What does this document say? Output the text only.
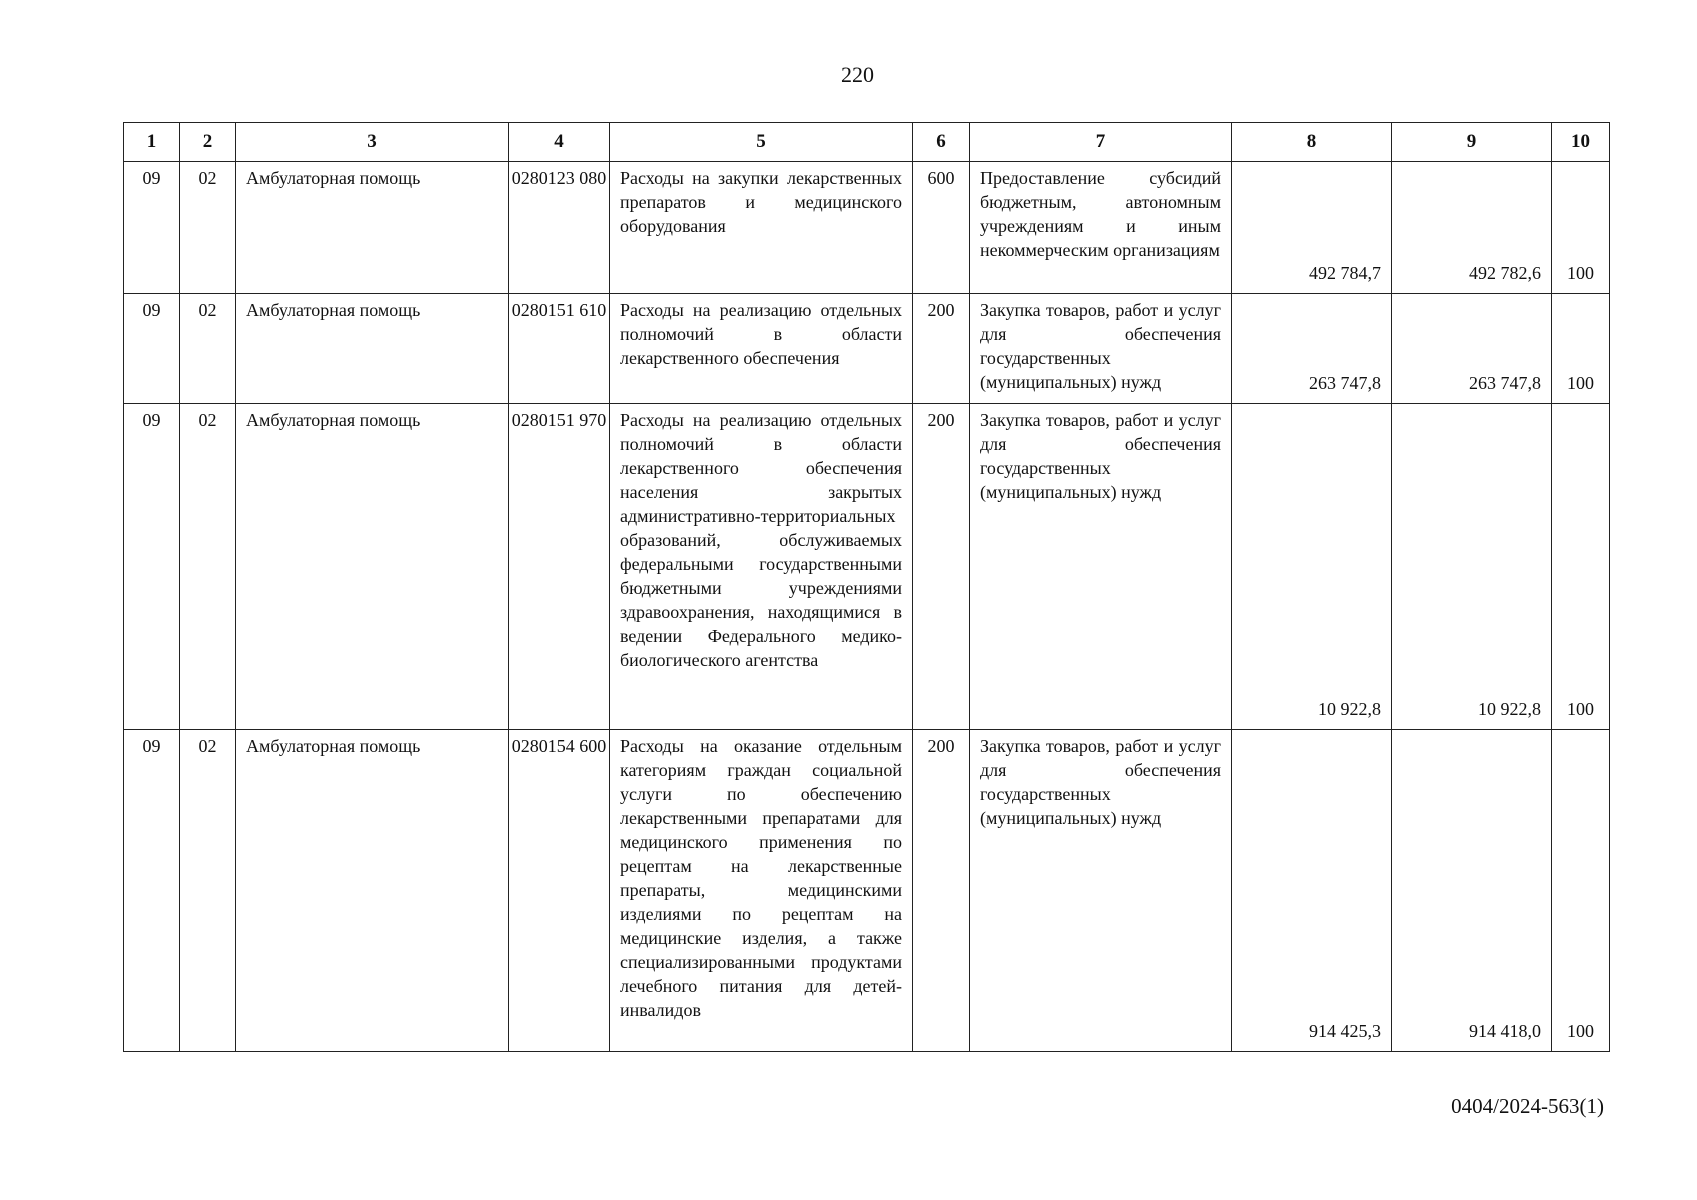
220
1	2	3	4	5	6	7	8	9	10
09	02	Амбулаторная помощь	0280123 080	Расходы на закупки лекарственных препаратов и медицинского оборудования	600	Предоставление субсидий бюджетным, автономным учреждениям и иным некоммерческим организациям	492 784,7	492 782,6	100
09	02	Амбулаторная помощь	0280151 610	Расходы на реализацию отдельных полномочий в области лекарственного обеспечения	200	Закупка товаров, работ и услуг для обеспечения государственных (муниципальных) нужд	263 747,8	263 747,8	100
09	02	Амбулаторная помощь	0280151 970	Расходы на реализацию отдельных полномочий в области лекарственного обеспечения населения закрытых административно-территориальных образований, обслуживаемых федеральными государственными бюджетными учреждениями здравоохранения, находящимися в ведении Федерального медико-биологического агентства	200	Закупка товаров, работ и услуг для обеспечения государственных (муниципальных) нужд	10 922,8	10 922,8	100
09	02	Амбулаторная помощь	0280154 600	Расходы на оказание отдельным категориям граждан социальной услуги по обеспечению лекарственными препаратами для медицинского применения по рецептам на лекарственные препараты, медицинскими изделиями по рецептам на медицинские изделия, а также специализированными продуктами лечебного питания для детей-инвалидов	200	Закупка товаров, работ и услуг для обеспечения государственных (муниципальных) нужд	914 425,3	914 418,0	100
0404/2024-563(1)
